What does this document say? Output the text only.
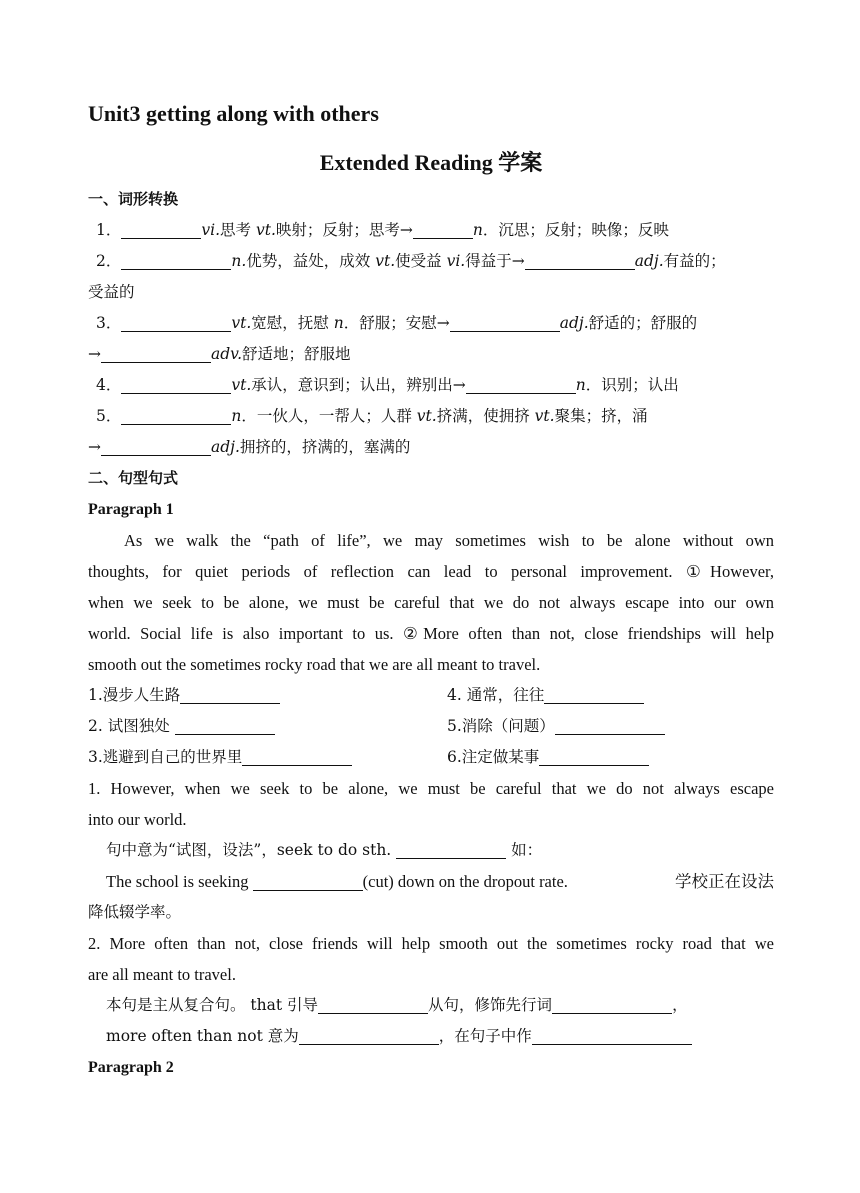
Unit3 getting along with others
Extended Reading 学案
一、词形转换
1．	vi.思考 vt.映射；反射；思考→	n．沉思；反射；映像；反映
2．	n.优势，益处，成效 vt.使受益 vi.得益于→	adj.有益的；
受益的
3．	vt.宽慰，抚慰 n．舒服；安慰→	adj.舒适的；舒服的
→	adv.舒适地；舒服地
4．	vt.承认，意识到；认出，辨别出→	n．识别；认出
5．	n．一伙人，一帮人；人群 vt.挤满，使拥挤 vt.聚集；挤，涌
→	adj.拥挤的，挤满的，塞满的
二、句型句式
Paragraph 1
As we walk the “path of life”, we may sometimes wish to be alone without own
thoughts, for quiet periods of reflection can lead to personal improvement. ①However,
when we seek to be alone, we must be careful that we do not always escape into our own
world. Social life is also important to us. ②More often than not, close friendships will help
smooth out the sometimes rocky road that we are all meant to travel.
1.漫步人生路	4. 通常，往往
2. 试图独处	5.消除（问题）
3.逃避到自己的世界里	6.注定做某事
1. However, when we seek to be alone, we must be careful that we do not always escape
into our world.
句中意为“试图，设法”，seek to do sth.	如：
The school is seeking	(cut) down on the dropout rate.	学校正在设法
降低辍学率。
2. More often than not, close friends will help smooth out the sometimes rocky road that we
are all meant to travel.
本句是主从复合句。 that 引导	从句，修饰先行词	，
more often than not 意为	，在句子中作
Paragraph 2
